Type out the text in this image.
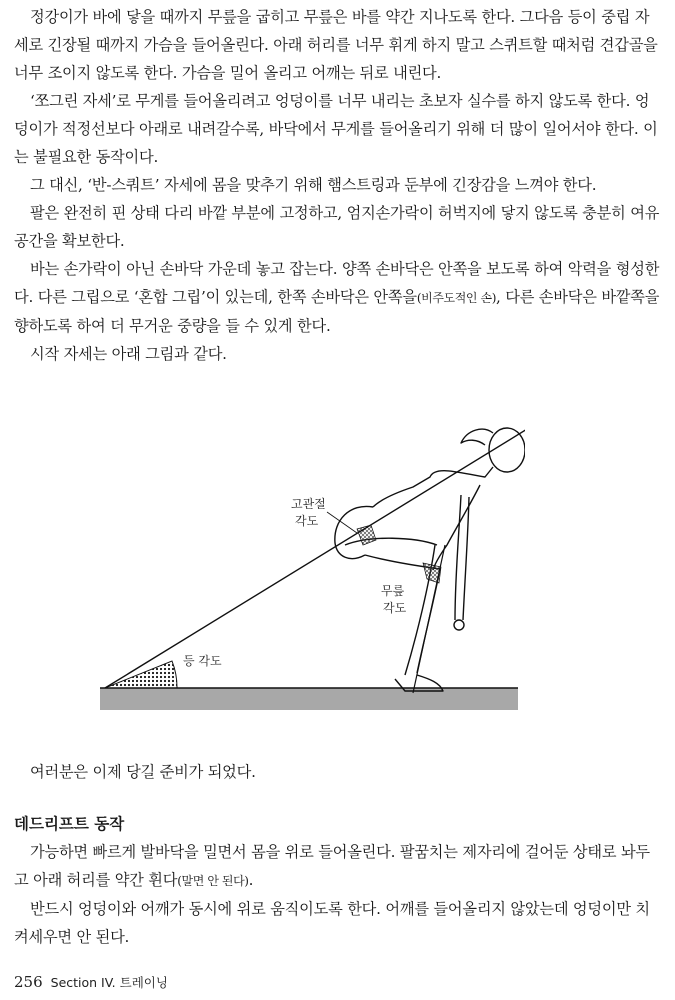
정강이가 바에 닿을 때까지 무릎을 굽히고 무릎은 바를 약간 지나도록 한다. 그다음 등이 중립 자세로 긴장될 때까지 가슴을 들어올린다. 아래 허리를 너무 휘게 하지 말고 스퀴트할 때처럼 견갑골을 너무 조이지 않도록 한다. 가슴을 밀어 올리고 어깨는 뒤로 내린다.

‘쪼그린 자세’로 무게를 들어올리려고 엉덩이를 너무 내리는 초보자 실수를 하지 않도록 한다. 엉덩이가 적정선보다 아래로 내려갈수록, 바닥에서 무게를 들어올리기 위해 더 많이 일어서야 한다. 이는 불필요한 동작이다.

그 대신, ‘반-스쿼트’ 자세에 몸을 맞추기 위해 햄스트링과 둔부에 긴장감을 느껴야 한다.

팔은 완전히 핀 상태 다리 바깥 부분에 고정하고, 엄지손가락이 허벅지에 닿지 않도록 충분히 여유 공간을 확보한다.

바는 손가락이 아닌 손바닥 가운데 놓고 잡는다. 양쪽 손바닥은 안쪽을 보도록 하여 악력을 형성한다. 다른 그립으로 ‘혼합 그립’이 있는데, 한쪽 손바닥은 안쪽을(비주도적인 손), 다른 손바닥은 바깥쪽을 향하도록 하여 더 무거운 중량을 들 수 있게 한다.

시작 자세는 아래 그림과 같다.

고관절
각도
무릎
각도
등 각도

여러분은 이제 당길 준비가 되었다.

데드리프트 동작

가능하면 빠르게 발바닥을 밀면서 몸을 위로 들어올린다. 팔꿈치는 제자리에 걸어둔 상태로 놔두고 아래 허리를 약간 휜다(말면 안 된다).

반드시 엉덩이와 어깨가 동시에 위로 움직이도록 한다. 어깨를 들어올리지 않았는데 엉덩이만 치켜세우면 안 된다.

256 Section IV. 트레이닝
